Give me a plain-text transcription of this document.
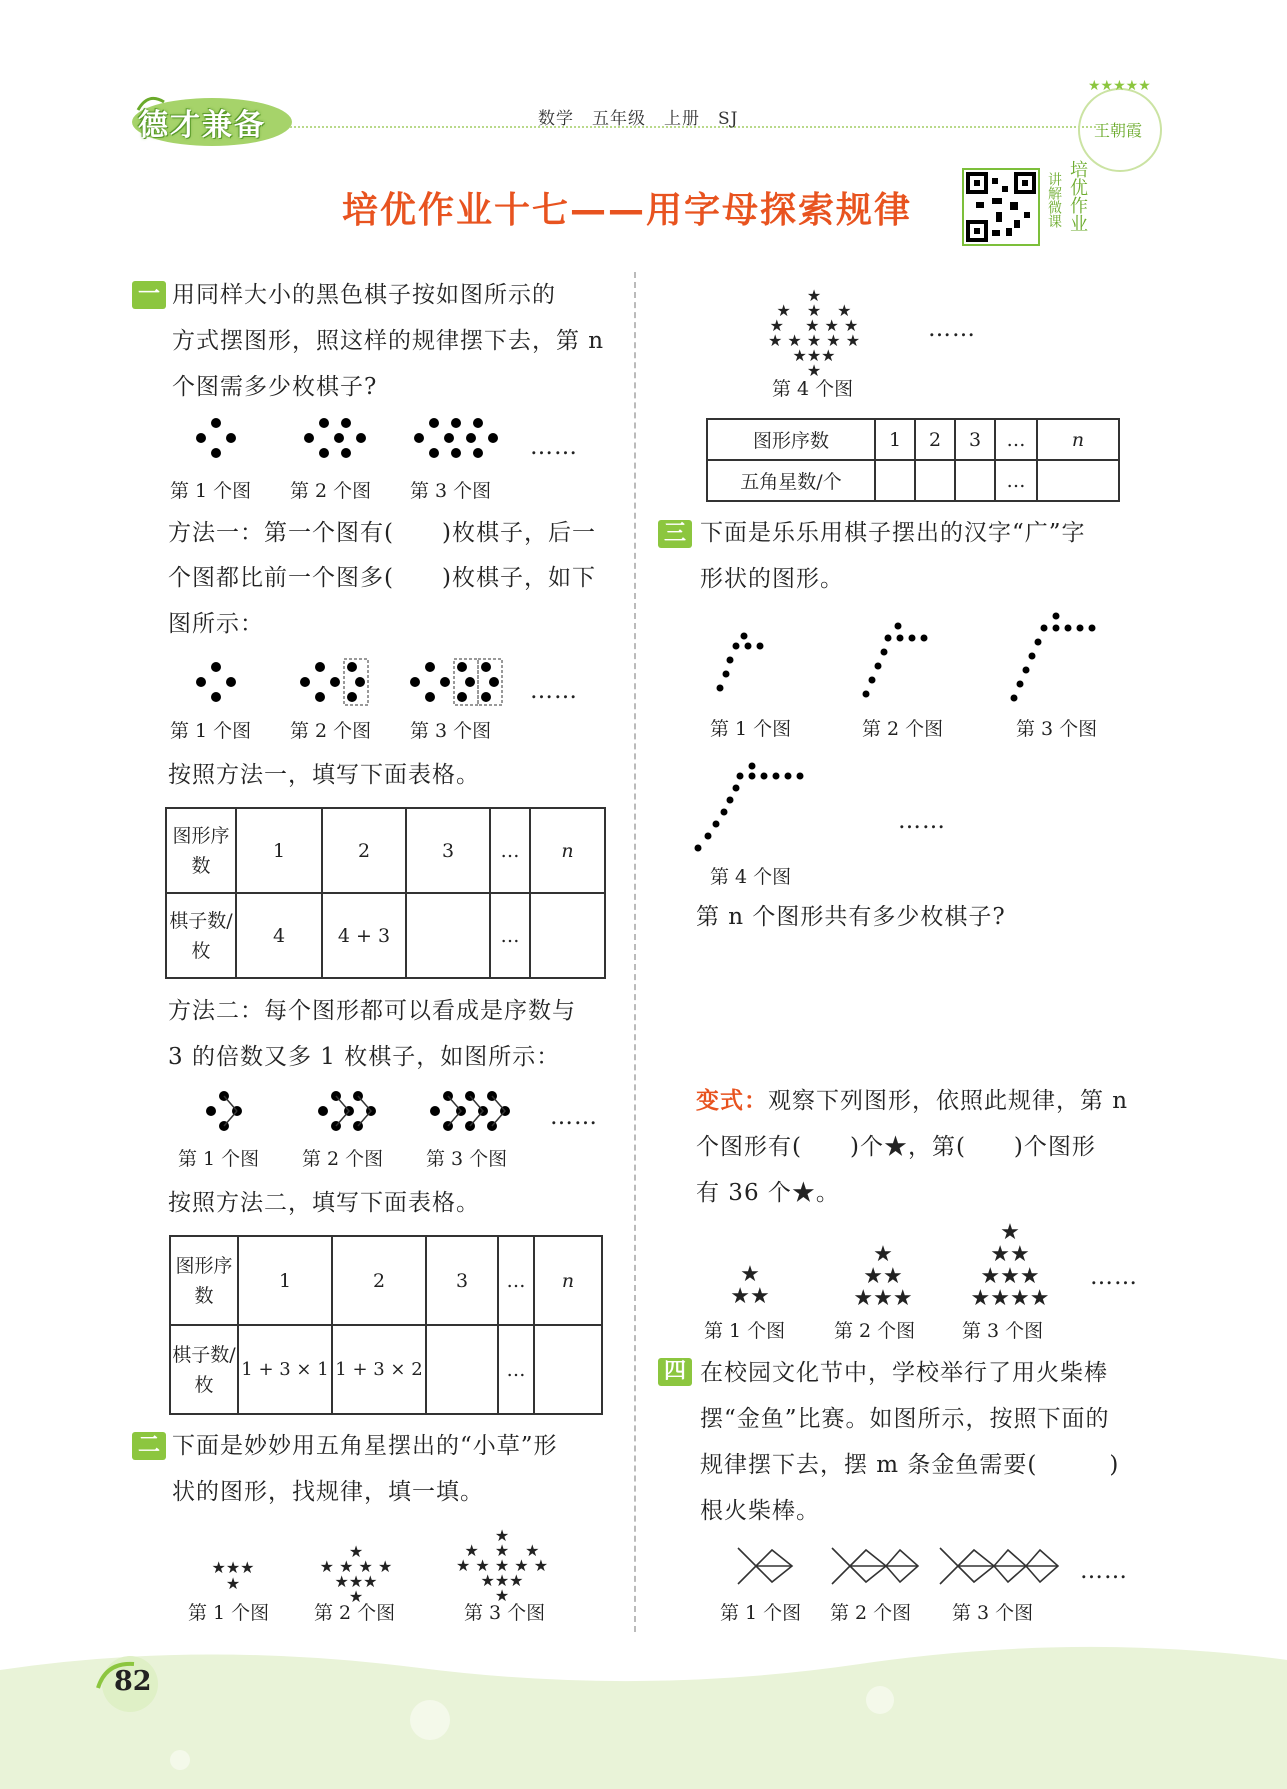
德才兼备	数学　五年级　上册　SJ
★★★★★
王朝霞
培优作业十七——用字母探索规律	培优作业
讲解微课
一 用同样大小的黑色棋子按如图所示的
方式摆图形，照这样的规律摆下去，第 n
个图需多少枚棋子?
……
第 1 个图 第 2 个图 第 3 个图
方法一：第一个图有(　　)枚棋子，后一
个图都比前一个图多(　　)枚棋子，如下
图所示：
……
第 1 个图 第 2 个图 第 3 个图
按照方法一，填写下面表格。
图形序数	1	2	3	…	n
棋子数/枚	4	4 + 3		…	
方法二：每个图形都可以看成是序数与
3 的倍数又多 1 枚棋子，如图所示：
……
第 1 个图 第 2 个图 第 3 个图
按照方法二，填写下面表格。
图形序数	1	2	3	…	n
棋子数/枚	1 + 3 × 1	1 + 3 × 2		…	
二 下面是妙妙用五角星摆出的“小草”形
状的图形，找规律，填一填。
★★★
★
★
★ ★ ★ ★
★★★
★
★
★　★　★
★ ★ ★ ★ ★
★★★
★
第 1 个图 第 2 个图	第 3 个图
★
★　★　★
★　 ★ ★ ★
★ ★ ★ ★ ★
★★★
★
……
第 4 个图
图形序数	1	2	3	…	n
五角星数/个				…	
三 下面是乐乐用棋子摆出的汉字“广”字
形状的图形。
第 1 个图	第 2 个图	第 3 个图
……
第 4 个图
第 n 个图形共有多少枚棋子?
变式：观察下列图形，依照此规律，第 n
个图形有(　　)个★，第(　　)个图形
有 36 个★。
★
★★
★
★★
★★★
★
★★
★★★
★★★★
……
第 1 个图	第 2 个图 第 3 个图
四 在校园文化节中，学校举行了用火柴棒
摆“金鱼”比赛。如图所示，按照下面的
规律摆下去，摆 m 条金鱼需要(　　　)
根火柴棒。
……
第 1 个图 第 2 个图 第 3 个图
82
